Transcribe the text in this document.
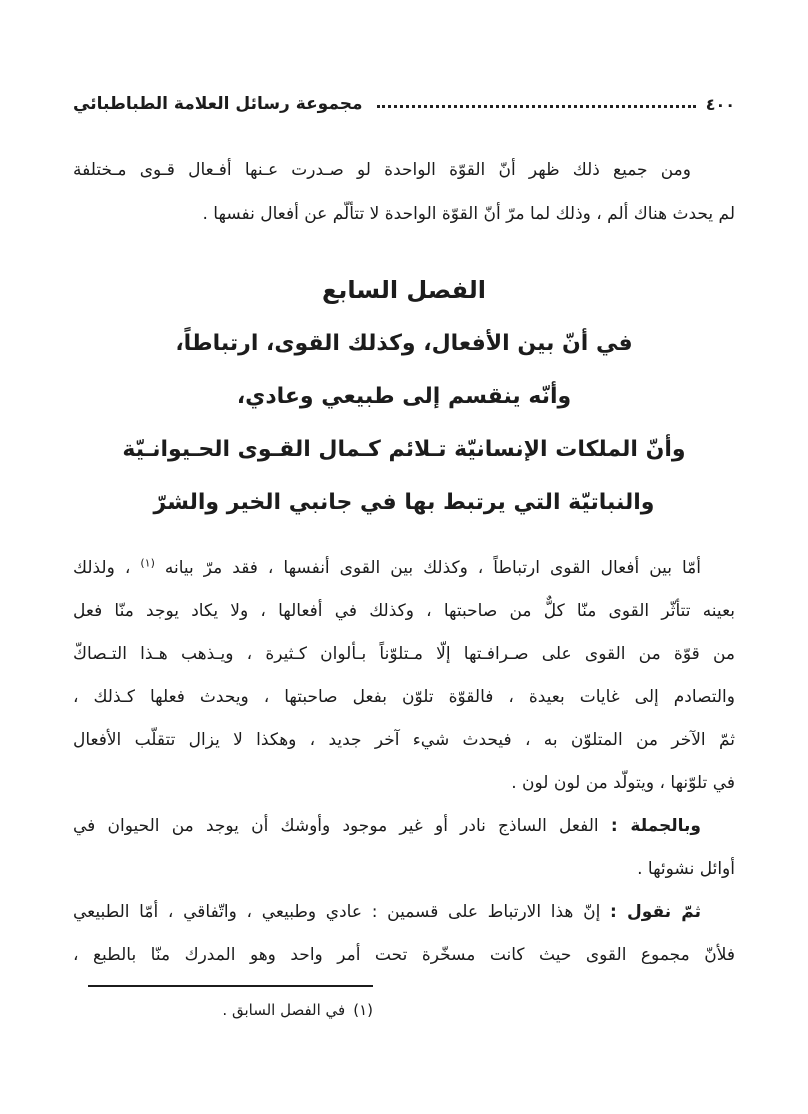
مجموعة رسائل العلامة الطباطبائي	٤٠٠
ومن جميع ذلك ظهر أنّ القوّة الواحدة لو صـدرت عـنها أفـعال قـوى مـختلفة
لم يحدث هناك ألم ، وذلك لما مرّ أنّ القوّة الواحدة لا تتألّم عن أفعال نفسها .
الفصل السابع
في أنّ بين الأفعال، وكذلك القوى، ارتباطاً،
وأنّه ينقسم إلى طبيعي وعادي،
وأنّ الملكات الإنسانيّة تـلائم كـمال القـوى الحـيوانـيّة
والنباتيّة التي يرتبط بها في جانبي الخير والشرّ
أمّا بين أفعال القوى ارتباطاً ، وكذلك بين القوى أنفسها ، فقد مرّ بيانه $^{(١)}$ ، ولذلك
بعينه تتأثّر القوى منّا كلٌّ من صاحبتها ، وكذلك في أفعالها ، ولا يكاد يوجد منّا فعل
من قوّة من القوى على صـرافـتها إلّا مـتلوّناً بـألوان كـثيرة ، ويـذهب هـذا التـصاكّ
والتصادم إلى غايات بعيدة ، فالقوّة تلوّن بفعل صاحبتها ، ويحدث فعلها كـذلك ،
ثمّ الآخر من المتلوّن به ، فيحدث شيء آخر جديد ، وهكذا لا يزال تتقلّب الأفعال
في تلوّنها ، ويتولّد من لون لون .
وبالجملة : الفعل الساذج نادر أو غير موجود وأوشك أن يوجد من الحيوان في
أوائل نشوئها .
ثمّ نقول : إنّ هذا الارتباط على قسمين : عادي وطبيعي ، واتّفاقي ، أمّا الطبيعي
فلأنّ مجموع القوى حيث كانت مسخّرة تحت أمر واحد وهو المدرك منّا بالطبع ،
(١)في الفصل السابق .
